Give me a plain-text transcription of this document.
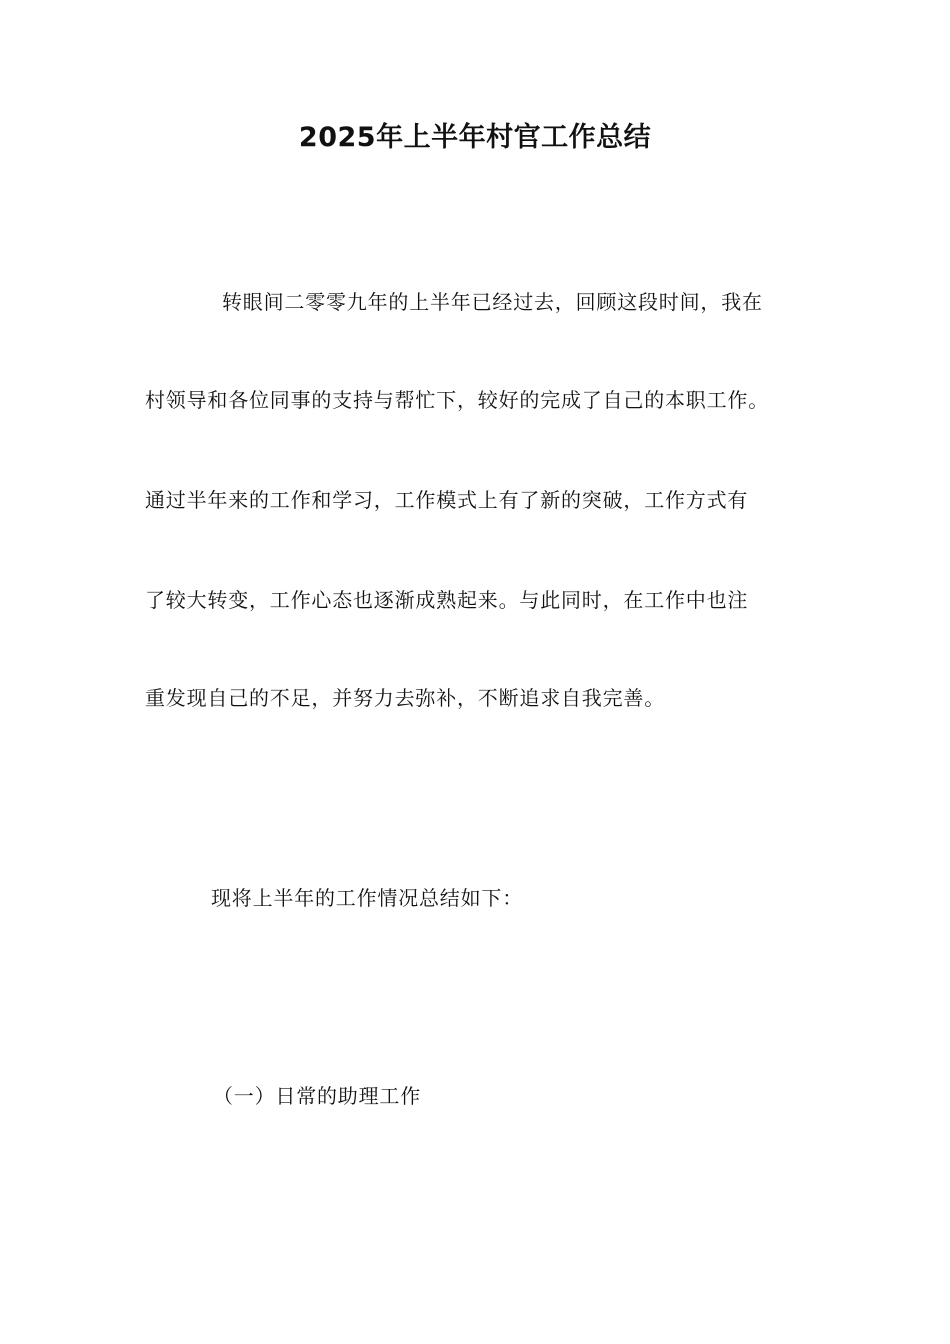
2025年上半年村官工作总结
转眼间二零零九年的上半年已经过去，回顾这段时间，我在
村领导和各位同事的支持与帮忙下，较好的完成了自己的本职工作。
通过半年来的工作和学习，工作模式上有了新的突破，工作方式有
了较大转变，工作心态也逐渐成熟起来。与此同时，在工作中也注
重发现自己的不足，并努力去弥补，不断追求自我完善。
现将上半年的工作情况总结如下：
（一）日常的助理工作
